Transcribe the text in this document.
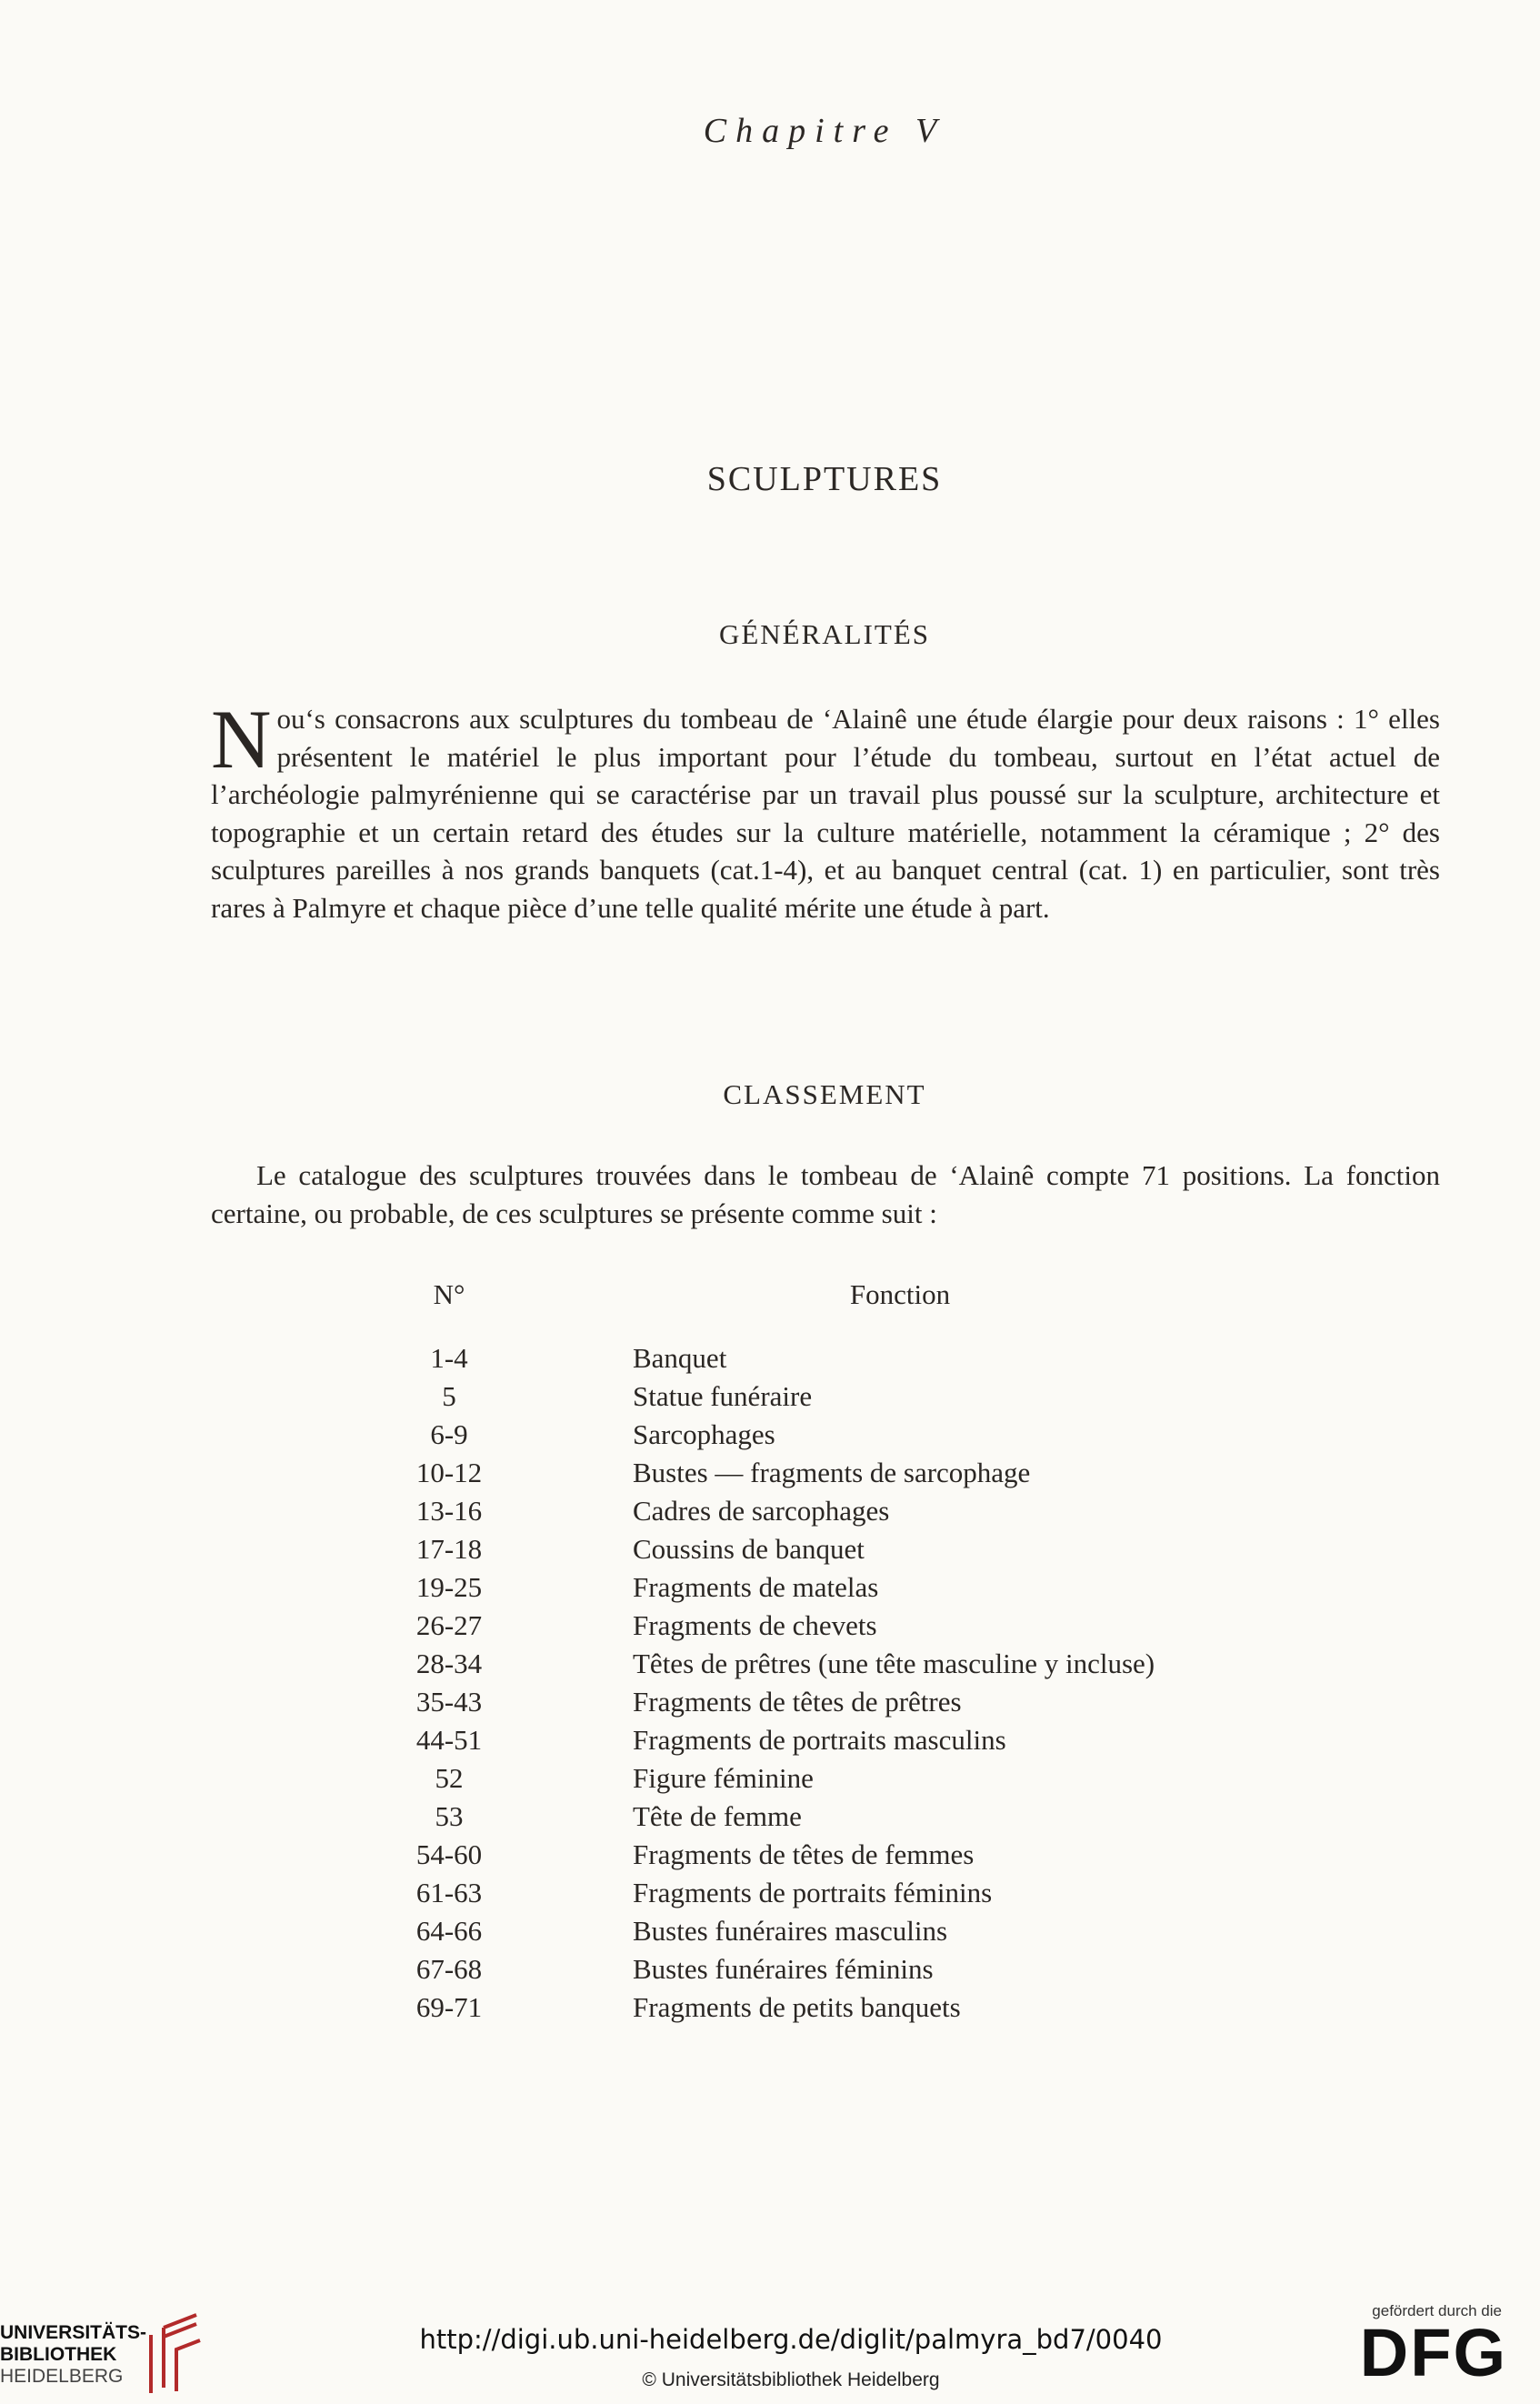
Chapitre V
SCULPTURES
GÉNÉRALITÉS
Nou‘s consacrons aux sculptures du tombeau de ‘Alainê une étude élargie pour deux raisons : 1° elles présentent le matériel le plus important pour l’étude du tombeau, surtout en l’état actuel de l’archéologie palmyrénienne qui se caractérise par un travail plus poussé sur la sculpture, architecture et topographie et un certain retard des études sur la culture matérielle, notamment la céramique ; 2° des sculptures pareilles à nos grands banquets (cat.1-4), et au banquet central (cat. 1) en particulier, sont très rares à Palmyre et chaque pièce d’une telle qualité mérite une étude à part.
CLASSEMENT
Le catalogue des sculptures trouvées dans le tombeau de ‘Alainê compte 71 positions. La fonction certaine, ou probable, de ces sculptures se présente comme suit :
N°	Fonction
1-4	Banquet
5	Statue funéraire
6-9	Sarcophages
10-12	Bustes — fragments de sarcophage
13-16	Cadres de sarcophages
17-18	Coussins de banquet
19-25	Fragments de matelas
26-27	Fragments de chevets
28-34	Têtes de prêtres (une tête masculine y incluse)
35-43	Fragments de têtes de prêtres
44-51	Fragments de portraits masculins
52	Figure féminine
53	Tête de femme
54-60	Fragments de têtes de femmes
61-63	Fragments de portraits féminins
64-66	Bustes funéraires masculins
67-68	Bustes funéraires féminins
69-71	Fragments de petits banquets
UNIVERSITÄTS-
BIBLIOTHEK
HEIDELBERG
http://digi.ub.uni-heidelberg.de/diglit/palmyra_bd7/0040
© Universitätsbibliothek Heidelberg
gefördert durch die
DFG
